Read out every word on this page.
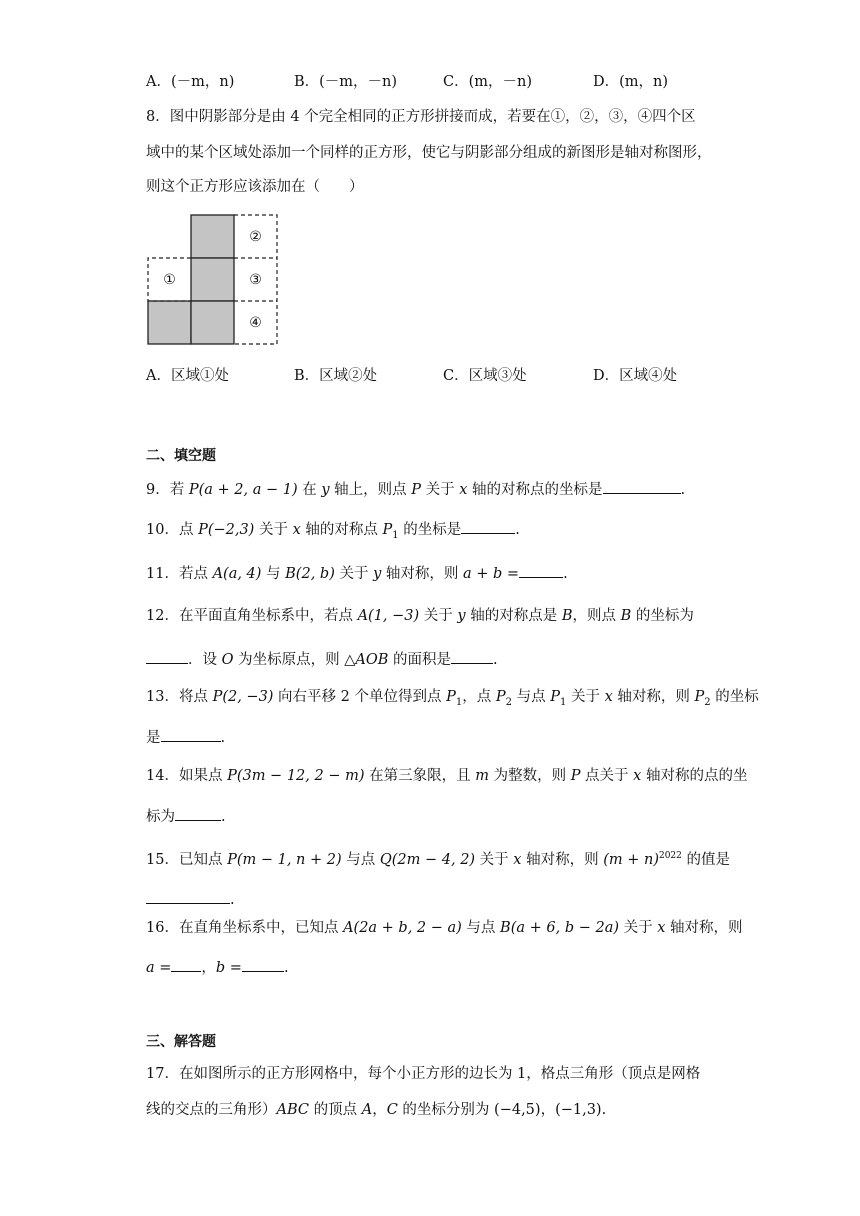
A．(－m，n)	B．(－m，－n)	C．(m，－n)	D．(m，n)
8．图中阴影部分是由 4 个完全相同的正方形拼接而成，若要在①，②，③，④四个区
域中的某个区域处添加一个同样的正方形，使它与阴影部分组成的新图形是轴对称图形，
则这个正方形应该添加在（　　）
①
②
③
④
A．区域①处	B．区域②处	C．区域③处	D．区域④处
二、填空题
9．若 P(a + 2, a − 1) 在 y 轴上，则点 P 关于 x 轴的对称点的坐标是	.
10．点 P(−2,3) 关于 x 轴的对称点 $P_1$ 的坐标是	.
11．若点 A(a, 4) 与 B(2, b) 关于 y 轴对称，则 a + b =	.
12．在平面直角坐标系中，若点 A(1, −3) 关于 y 轴的对称点是 B，则点 B 的坐标为
．设 O 为坐标原点，则 △AOB 的面积是	.
13．将点 P(2, −3) 向右平移 2 个单位得到点 $P_1$，点 $P_2$ 与点 $P_1$ 关于 x 轴对称，则 $P_2$ 的坐标
是	.
14．如果点 P(3m − 12, 2 − m) 在第三象限，且 m 为整数，则 P 点关于 x 轴对称的点的坐
标为	.
15．已知点 P(m − 1, n + 2) 与点 Q(2m − 4, 2) 关于 x 轴对称，则 $(m + n)^{2022}$ 的值是
.
16．在直角坐标系中，已知点 A(2a + b, 2 − a) 与点 B(a + 6, b − 2a) 关于 x 轴对称，则
a = ，b =	.
三、解答题
17．在如图所示的正方形网格中，每个小正方形的边长为 1，格点三角形（顶点是网格
线的交点的三角形）ABC 的顶点 A，C 的坐标分别为 (−4,5)，(−1,3).
